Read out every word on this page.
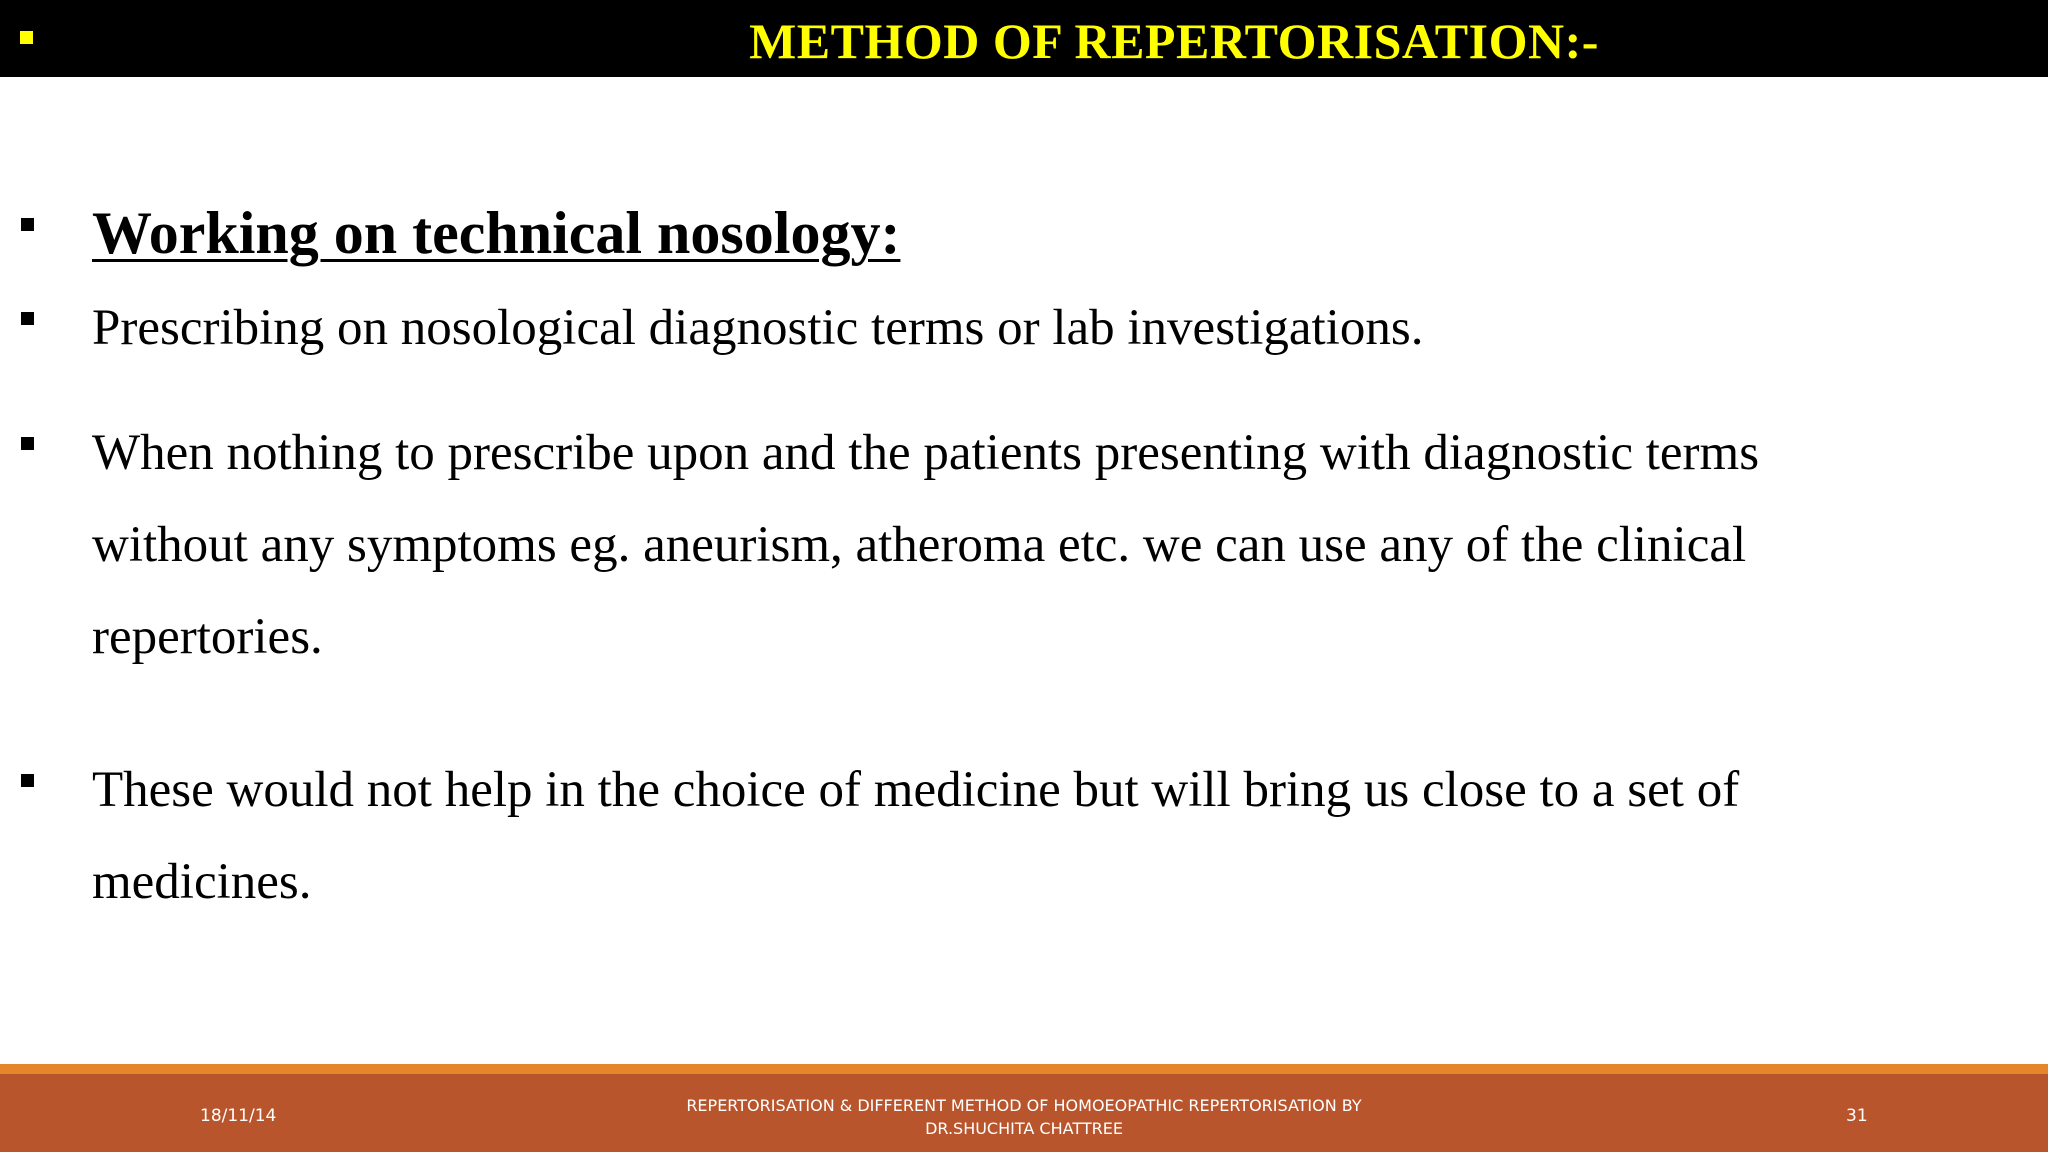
METHOD OF REPERTORISATION:-
Working on technical nosology:
Prescribing on nosological diagnostic terms or lab investigations.
When nothing to prescribe upon and the patients presenting with diagnostic terms without any symptoms eg. aneurism, atheroma etc. we can use any of the clinical repertories.
These would not help in the choice of medicine but will bring us close to a set of medicines.
18/11/14
REPERTORISATION & DIFFERENT METHOD OF HOMOEOPATHIC REPERTORISATION BY
DR.SHUCHITA CHATTREE
31
